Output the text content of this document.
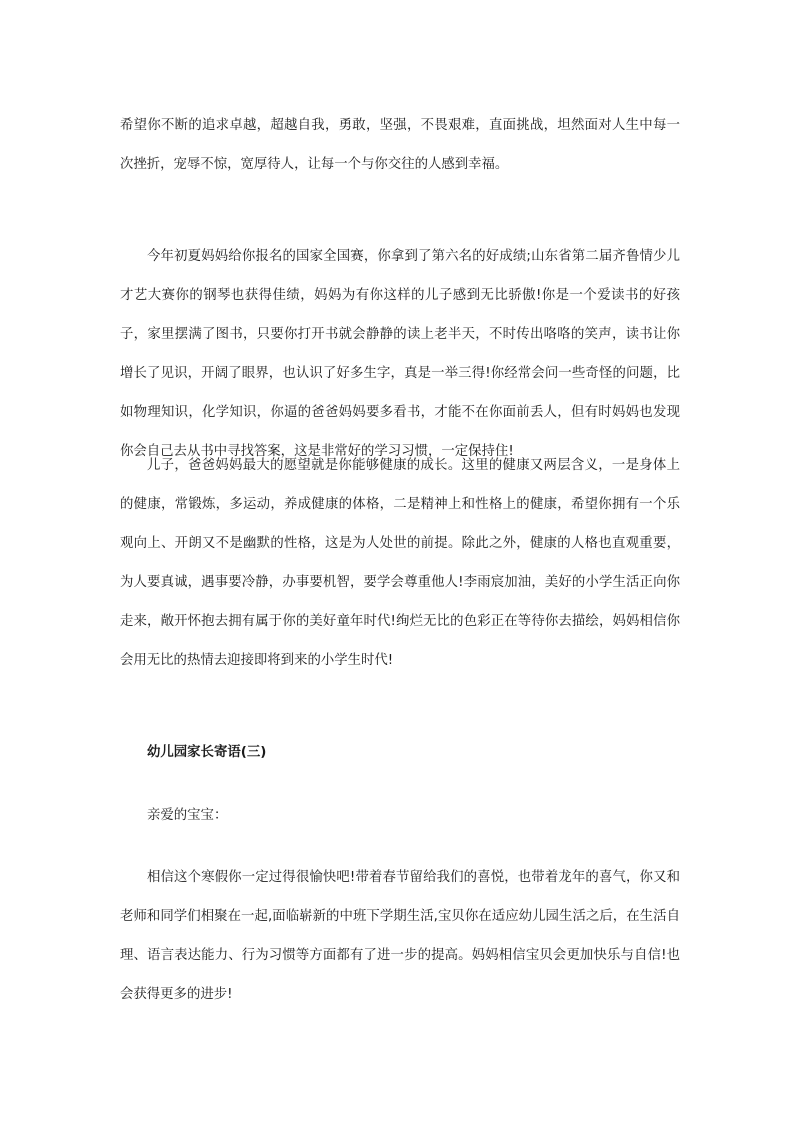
希望你不断的追求卓越，超越自我，勇敢，坚强，不畏艰难，直面挑战，坦然面对人生中每一次挫折，宠辱不惊，宽厚待人，让每一个与你交往的人感到幸福。

今年初夏妈妈给你报名的国家全国赛，你拿到了第六名的好成绩;山东省第二届齐鲁情少儿才艺大赛你的钢琴也获得佳绩，妈妈为有你这样的儿子感到无比骄傲!你是一个爱读书的好孩子，家里摆满了图书，只要你打开书就会静静的读上老半天，不时传出咯咯的笑声，读书让你增长了见识，开阔了眼界，也认识了好多生字，真是一举三得!你经常会问一些奇怪的问题，比如物理知识，化学知识，你逼的爸爸妈妈要多看书，才能不在你面前丢人，但有时妈妈也发现你会自己去从书中寻找答案，这是非常好的学习习惯，一定保持住!

儿子，爸爸妈妈最大的愿望就是你能够健康的成长。这里的健康又两层含义，一是身体上的健康，常锻炼，多运动，养成健康的体格，二是精神上和性格上的健康，希望你拥有一个乐观向上、开朗又不是幽默的性格，这是为人处世的前提。除此之外，健康的人格也直观重要，为人要真诚，遇事要冷静，办事要机智，要学会尊重他人!李雨宸加油，美好的小学生活正向你走来，敞开怀抱去拥有属于你的美好童年时代!绚烂无比的色彩正在等待你去描绘，妈妈相信你会用无比的热情去迎接即将到来的小学生时代!

幼儿园家长寄语(三)

亲爱的宝宝：

相信这个寒假你一定过得很愉快吧!带着春节留给我们的喜悦，也带着龙年的喜气，你又和老师和同学们相聚在一起,面临崭新的中班下学期生活,宝贝你在适应幼儿园生活之后，在生活自理、语言表达能力、行为习惯等方面都有了进一步的提高。妈妈相信宝贝会更加快乐与自信!也会获得更多的进步!
